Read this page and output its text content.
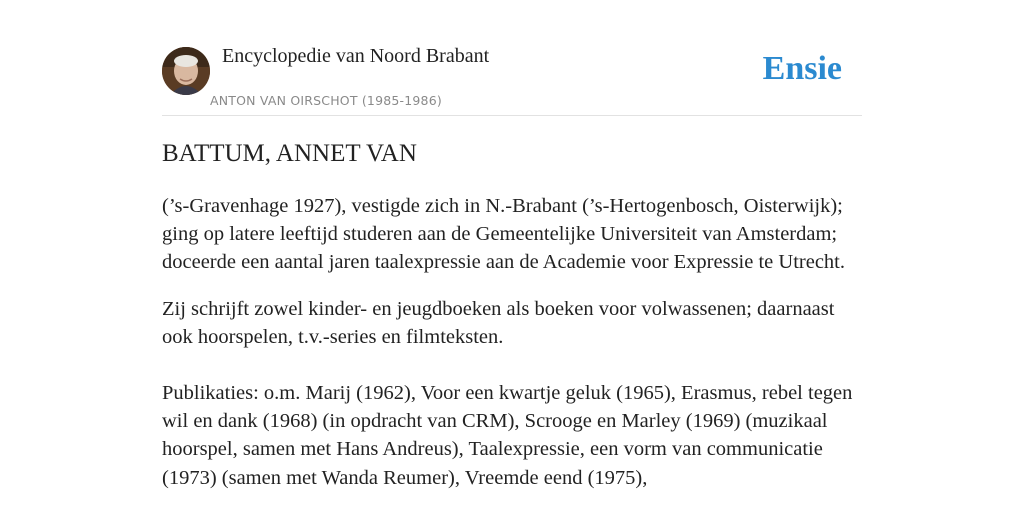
Encyclopedie van Noord Brabant
ANTON VAN OIRSCHOT (1985-1986)
Ensie
BATTUM, ANNET VAN

(’s-Gravenhage 1927), vestigde zich in N.-Brabant (’s-Hertogenbosch, Oisterwijk); ging op latere leeftijd studeren aan de Gemeentelijke Universiteit van Amsterdam; doceerde een aantal jaren taalexpressie aan de Academie voor Expressie te Utrecht.

Zij schrijft zowel kinder- en jeugdboeken als boeken voor volwassenen; daarnaast ook hoorspelen, t.v.-series en filmteksten.

Publikaties: o.m. Marij (1962), Voor een kwartje geluk (1965), Erasmus, rebel tegen wil en dank (1968) (in opdracht van CRM), Scrooge en Marley (1969) (muzikaal hoorspel, samen met Hans Andreus), Taalexpressie, een vorm van communicatie (1973) (samen met Wanda Reumer), Vreemde eend (1975),
